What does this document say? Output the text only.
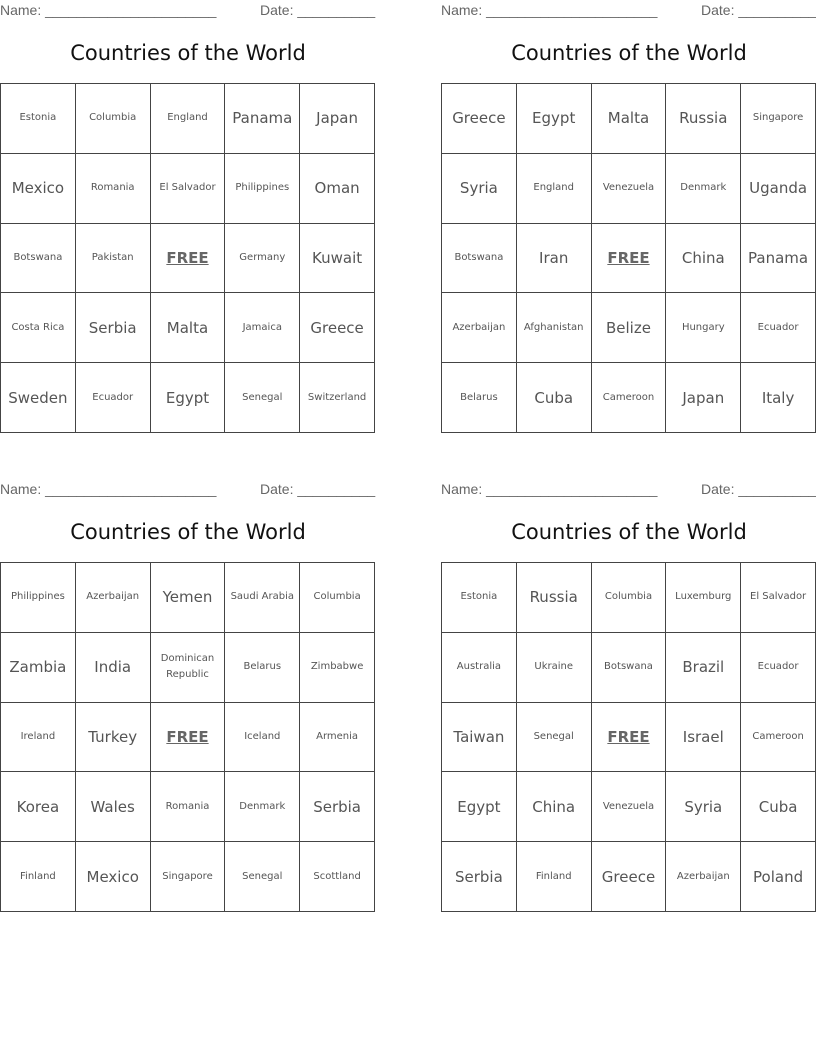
Name: ______________________	Date: __________
Countries of the World
Estonia	Columbia	England	Panama	Japan
Mexico	Romania	El Salvador	Philippines	Oman
Botswana	Pakistan	FREE	Germany	Kuwait
Costa Rica	Serbia	Malta	Jamaica	Greece
Sweden	Ecuador	Egypt	Senegal	Switzerland
Name: ______________________	Date: __________
Countries of the World
Greece	Egypt	Malta	Russia	Singapore
Syria	England	Venezuela	Denmark	Uganda
Botswana	Iran	FREE	China	Panama
Azerbaijan	Afghanistan	Belize	Hungary	Ecuador
Belarus	Cuba	Cameroon	Japan	Italy
Name: ______________________	Date: __________
Countries of the World
Philippines	Azerbaijan	Yemen	Saudi Arabia	Columbia
Zambia	India	Dominican Republic	Belarus	Zimbabwe
Ireland	Turkey	FREE	Iceland	Armenia
Korea	Wales	Romania	Denmark	Serbia
Finland	Mexico	Singapore	Senegal	Scottland
Name: ______________________	Date: __________
Countries of the World
Estonia	Russia	Columbia	Luxemburg	El Salvador
Australia	Ukraine	Botswana	Brazil	Ecuador
Taiwan	Senegal	FREE	Israel	Cameroon
Egypt	China	Venezuela	Syria	Cuba
Serbia	Finland	Greece	Azerbaijan	Poland
